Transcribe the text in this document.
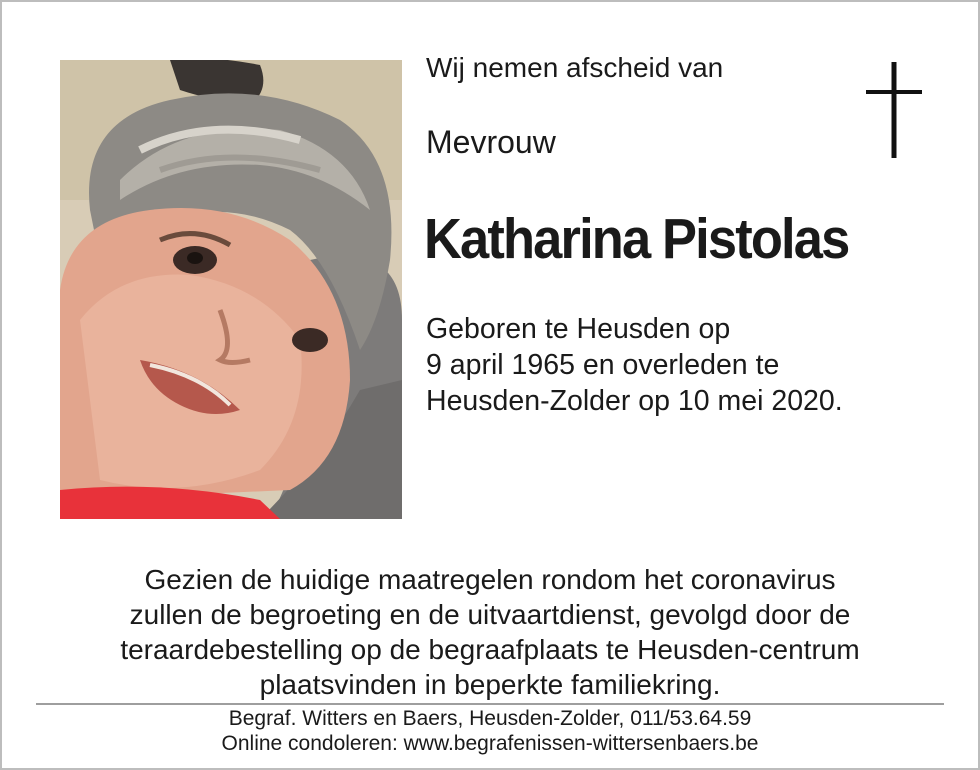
Wij nemen afscheid van

Mevrouw

Katharina Pistolas

Geboren te Heusden op
9 april 1965 en overleden te
Heusden-Zolder op 10 mei 2020.

Gezien de huidige maatregelen rondom het coronavirus
zullen de begroeting en de uitvaartdienst, gevolgd door de
teraardebestelling op de begraafplaats te Heusden-centrum
plaatsvinden in beperkte familiekring.

Begraf. Witters en Baers, Heusden-Zolder, 011/53.64.59
Online condoleren: www.begrafenissen-wittersenbaers.be
